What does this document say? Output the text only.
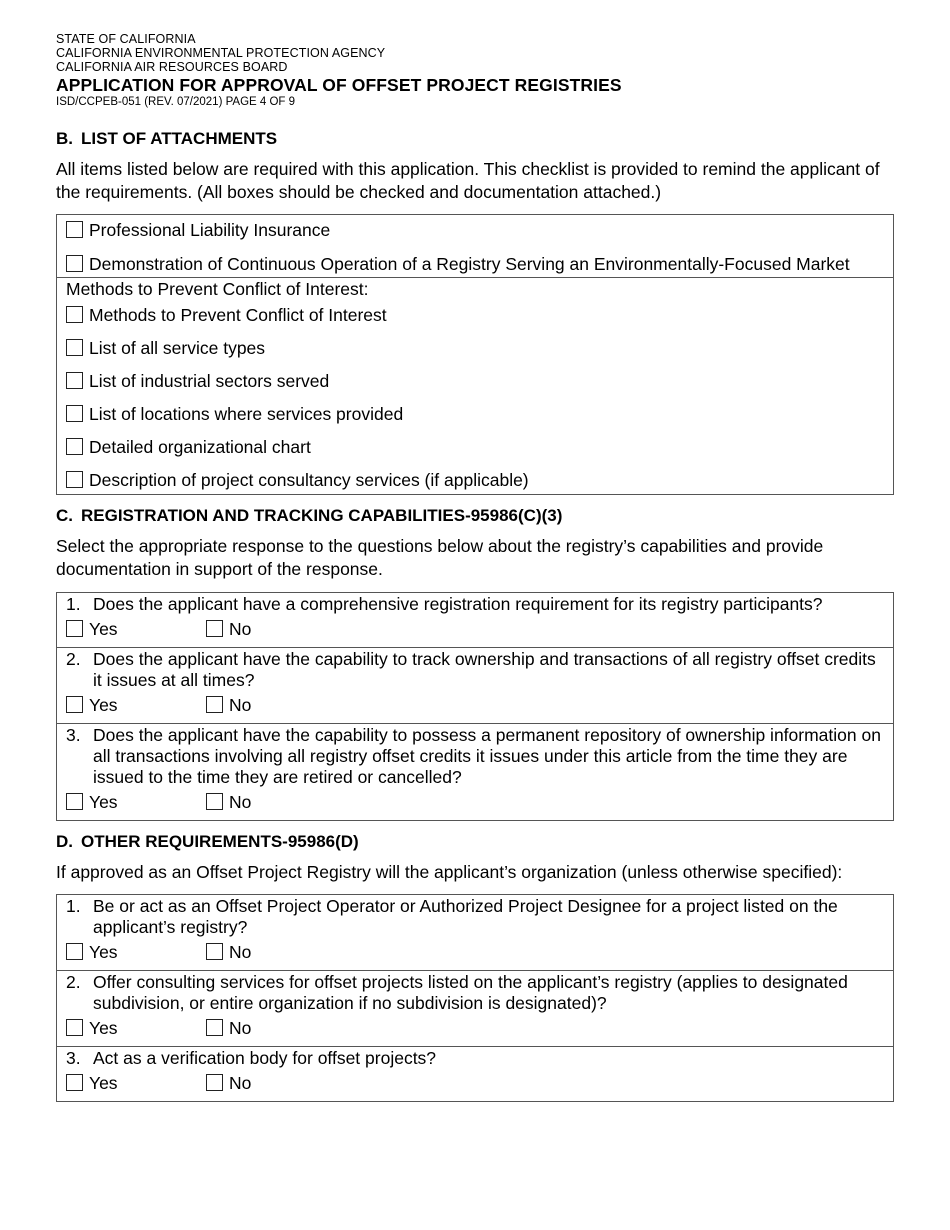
STATE OF CALIFORNIA
CALIFORNIA ENVIRONMENTAL PROTECTION AGENCY
CALIFORNIA AIR RESOURCES BOARD
APPLICATION FOR APPROVAL OF OFFSET PROJECT REGISTRIES
ISD/CCPEB-051 (REV. 07/2021) PAGE 4 OF 9
B. LIST OF ATTACHMENTS
All items listed below are required with this application. This checklist is provided to remind the applicant of the requirements. (All boxes should be checked and documentation attached.)
Professional Liability Insurance
Demonstration of Continuous Operation of a Registry Serving an Environmentally-Focused Market
Methods to Prevent Conflict of Interest:
Methods to Prevent Conflict of Interest
List of all service types
List of industrial sectors served
List of locations where services provided
Detailed organizational chart
Description of project consultancy services (if applicable)
C. REGISTRATION AND TRACKING CAPABILITIES-95986(C)(3)
Select the appropriate response to the questions below about the registry’s capabilities and provide documentation in support of the response.
1. Does the applicant have a comprehensive registration requirement for its registry participants?
Yes	No
2. Does the applicant have the capability to track ownership and transactions of all registry offset credits it issues at all times?
Yes	No
3. Does the applicant have the capability to possess a permanent repository of ownership information on all transactions involving all registry offset credits it issues under this article from the time they are issued to the time they are retired or cancelled?
Yes	No
D. OTHER REQUIREMENTS-95986(D)
If approved as an Offset Project Registry will the applicant’s organization (unless otherwise specified):
1. Be or act as an Offset Project Operator or Authorized Project Designee for a project listed on the applicant’s registry?
Yes	No
2. Offer consulting services for offset projects listed on the applicant’s registry (applies to designated subdivision, or entire organization if no subdivision is designated)?
Yes	No
3. Act as a verification body for offset projects?
Yes	No
